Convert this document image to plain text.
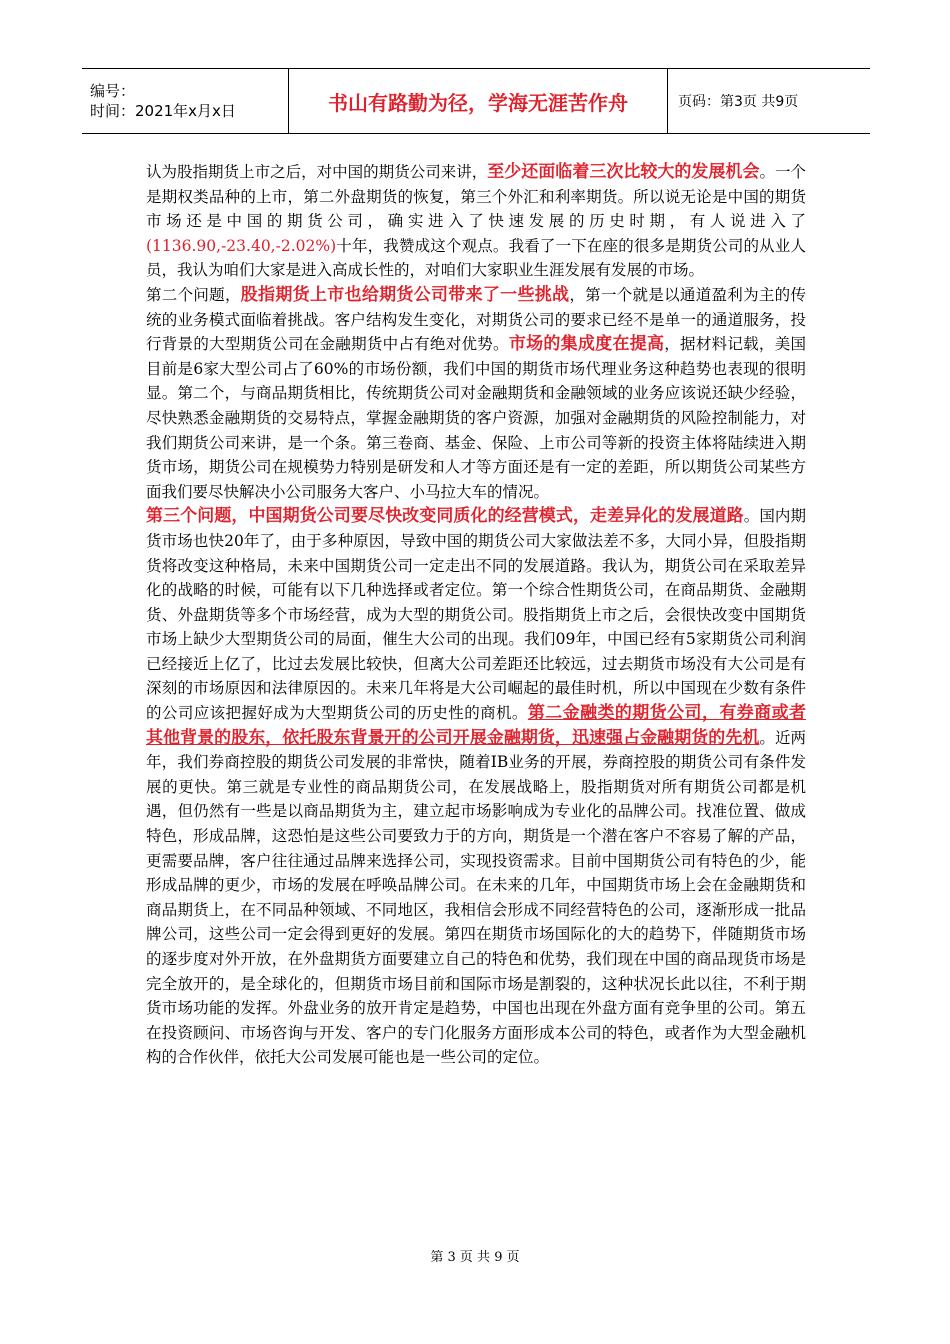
编号：
时间：2021年x月x日	书山有路勤为径，学海无涯苦作舟	页码：第3页 共9页

认为股指期货上市之后，对中国的期货公司来讲，至少还面临着三次比较大的发展机会。一个是期权类品种的上市，第二外盘期货的恢复，第三个外汇和利率期货。所以说无论是中国的期货市场还是中国的期货公司，确实进入了快速发展的历史时期，有人说进入了 (1136.90,-23.40,-2.02%)十年，我赞成这个观点。我看了一下在座的很多是期货公司的从业人员，我认为咱们大家是进入高成长性的，对咱们大家职业生涯发展有发展的市场。

第二个问题，股指期货上市也给期货公司带来了一些挑战，第一个就是以通道盈利为主的传统的业务模式面临着挑战。客户结构发生变化，对期货公司的要求已经不是单一的通道服务，投行背景的大型期货公司在金融期货中占有绝对优势。市场的集成度在提高，据材料记载，美国目前是6家大型公司占了60%的市场份额，我们中国的期货市场代理业务这种趋势也表现的很明显。第二个，与商品期货相比，传统期货公司对金融期货和金融领域的业务应该说还缺少经验，尽快熟悉金融期货的交易特点，掌握金融期货的客户资源，加强对金融期货的风险控制能力，对我们期货公司来讲，是一个条。第三卷商、基金、保险、上市公司等新的投资主体将陆续进入期货市场，期货公司在规模势力特别是研发和人才等方面还是有一定的差距，所以期货公司某些方面我们要尽快解决小公司服务大客户、小马拉大车的情况。

第三个问题，中国期货公司要尽快改变同质化的经营模式，走差异化的发展道路。国内期货市场也快20年了，由于多种原因，导致中国的期货公司大家做法差不多，大同小异，但股指期货将改变这种格局，未来中国期货公司一定走出不同的发展道路。我认为，期货公司在采取差异化的战略的时候，可能有以下几种选择或者定位。第一个综合性期货公司，在商品期货、金融期货、外盘期货等多个市场经营，成为大型的期货公司。股指期货上市之后，会很快改变中国期货市场上缺少大型期货公司的局面，催生大公司的出现。我们09年，中国已经有5家期货公司利润已经接近上亿了，比过去发展比较快，但离大公司差距还比较远，过去期货市场没有大公司是有深刻的市场原因和法律原因的。未来几年将是大公司崛起的最佳时机，所以中国现在少数有条件的公司应该把握好成为大型期货公司的历史性的商机。第二金融类的期货公司，有券商或者其他背景的股东，依托股东背景开的公司开展金融期货，迅速强占金融期货的先机。近两年，我们券商控股的期货公司发展的非常快，随着IB业务的开展，券商控股的期货公司有条件发展的更快。第三就是专业性的商品期货公司，在发展战略上，股指期货对所有期货公司都是机遇，但仍然有一些是以商品期货为主，建立起市场影响成为专业化的品牌公司。找准位置、做成特色，形成品牌，这恐怕是这些公司要致力于的方向，期货是一个潜在客户不容易了解的产品，更需要品牌，客户往往通过品牌来选择公司，实现投资需求。目前中国期货公司有特色的少，能形成品牌的更少，市场的发展在呼唤品牌公司。在未来的几年，中国期货市场上会在金融期货和商品期货上，在不同品种领域、不同地区，我相信会形成不同经营特色的公司，逐渐形成一批品牌公司，这些公司一定会得到更好的发展。第四在期货市场国际化的大的趋势下，伴随期货市场的逐步度对外开放，在外盘期货方面要建立自己的特色和优势，我们现在中国的商品现货市场是完全放开的，是全球化的，但期货市场目前和国际市场是割裂的，这种状况长此以往，不利于期货市场功能的发挥。外盘业务的放开肯定是趋势，中国也出现在外盘方面有竞争里的公司。第五在投资顾问、市场咨询与开发、客户的专门化服务方面形成本公司的特色，或者作为大型金融机构的合作伙伴，依托大公司发展可能也是一些公司的定位。

第 3 页 共 9 页
